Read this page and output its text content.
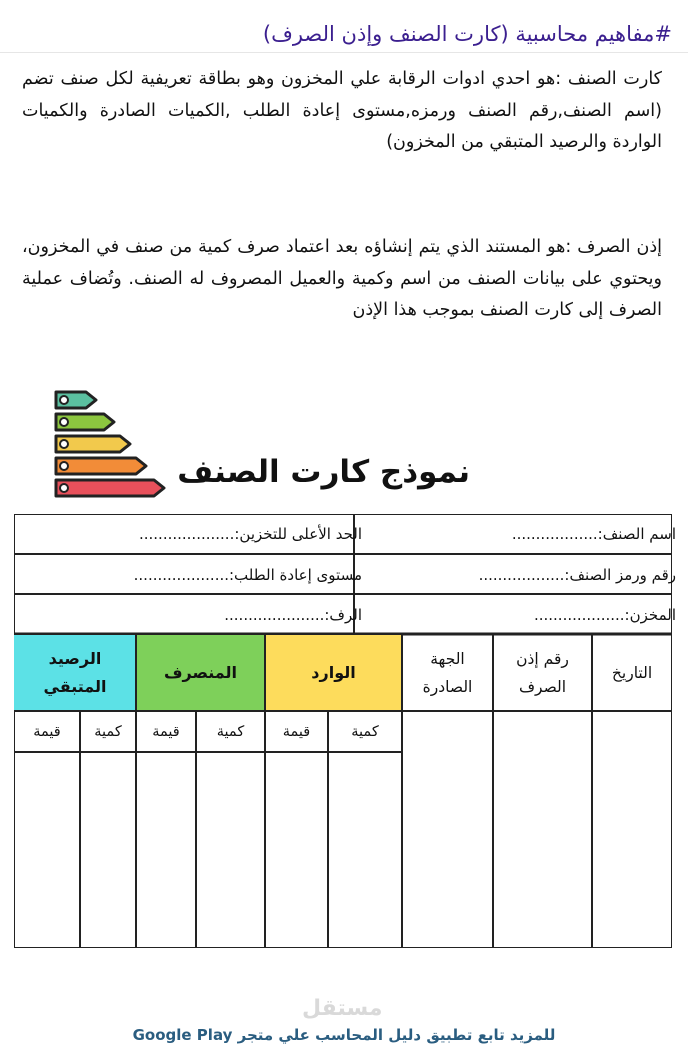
#مفاهيم محاسبية (كارت الصنف وإذن الصرف)

كارت الصنف :هو احدي ادوات الرقابة علي المخزون وهو بطاقة تعريفية لكل صنف تضم (اسم الصنف,رقم الصنف ورمزه,مستوى إعادة الطلب ,الكميات الصادرة والكميات الواردة والرصيد المتبقي من المخزون)

إذن الصرف :هو المستند الذي يتم إنشاؤه بعد اعتماد صرف كمية من صنف في المخزون، ويحتوي على بيانات الصنف من اسم وكمية والعميل المصروف له الصنف. وتُضاف عملية الصرف إلى كارت الصنف بموجب هذا الإذن

نموذج كارت الصنف
اسم الصنف:..................
الحد الأعلى للتخزين:....................
رقم ورمز الصنف:..................
مستوى إعادة الطلب:....................
المخزن:...................
الرف:.....................
التاريخ
رقم إذن الصرف
الجهة الصادرة
الوارد
المنصرف
الرصيد المتبقي
كمية
قيمة
كمية
قيمة
كمية
قيمة
مستقل
للمزيد تابع تطبيق دليل المحاسب علي متجر Google Play
